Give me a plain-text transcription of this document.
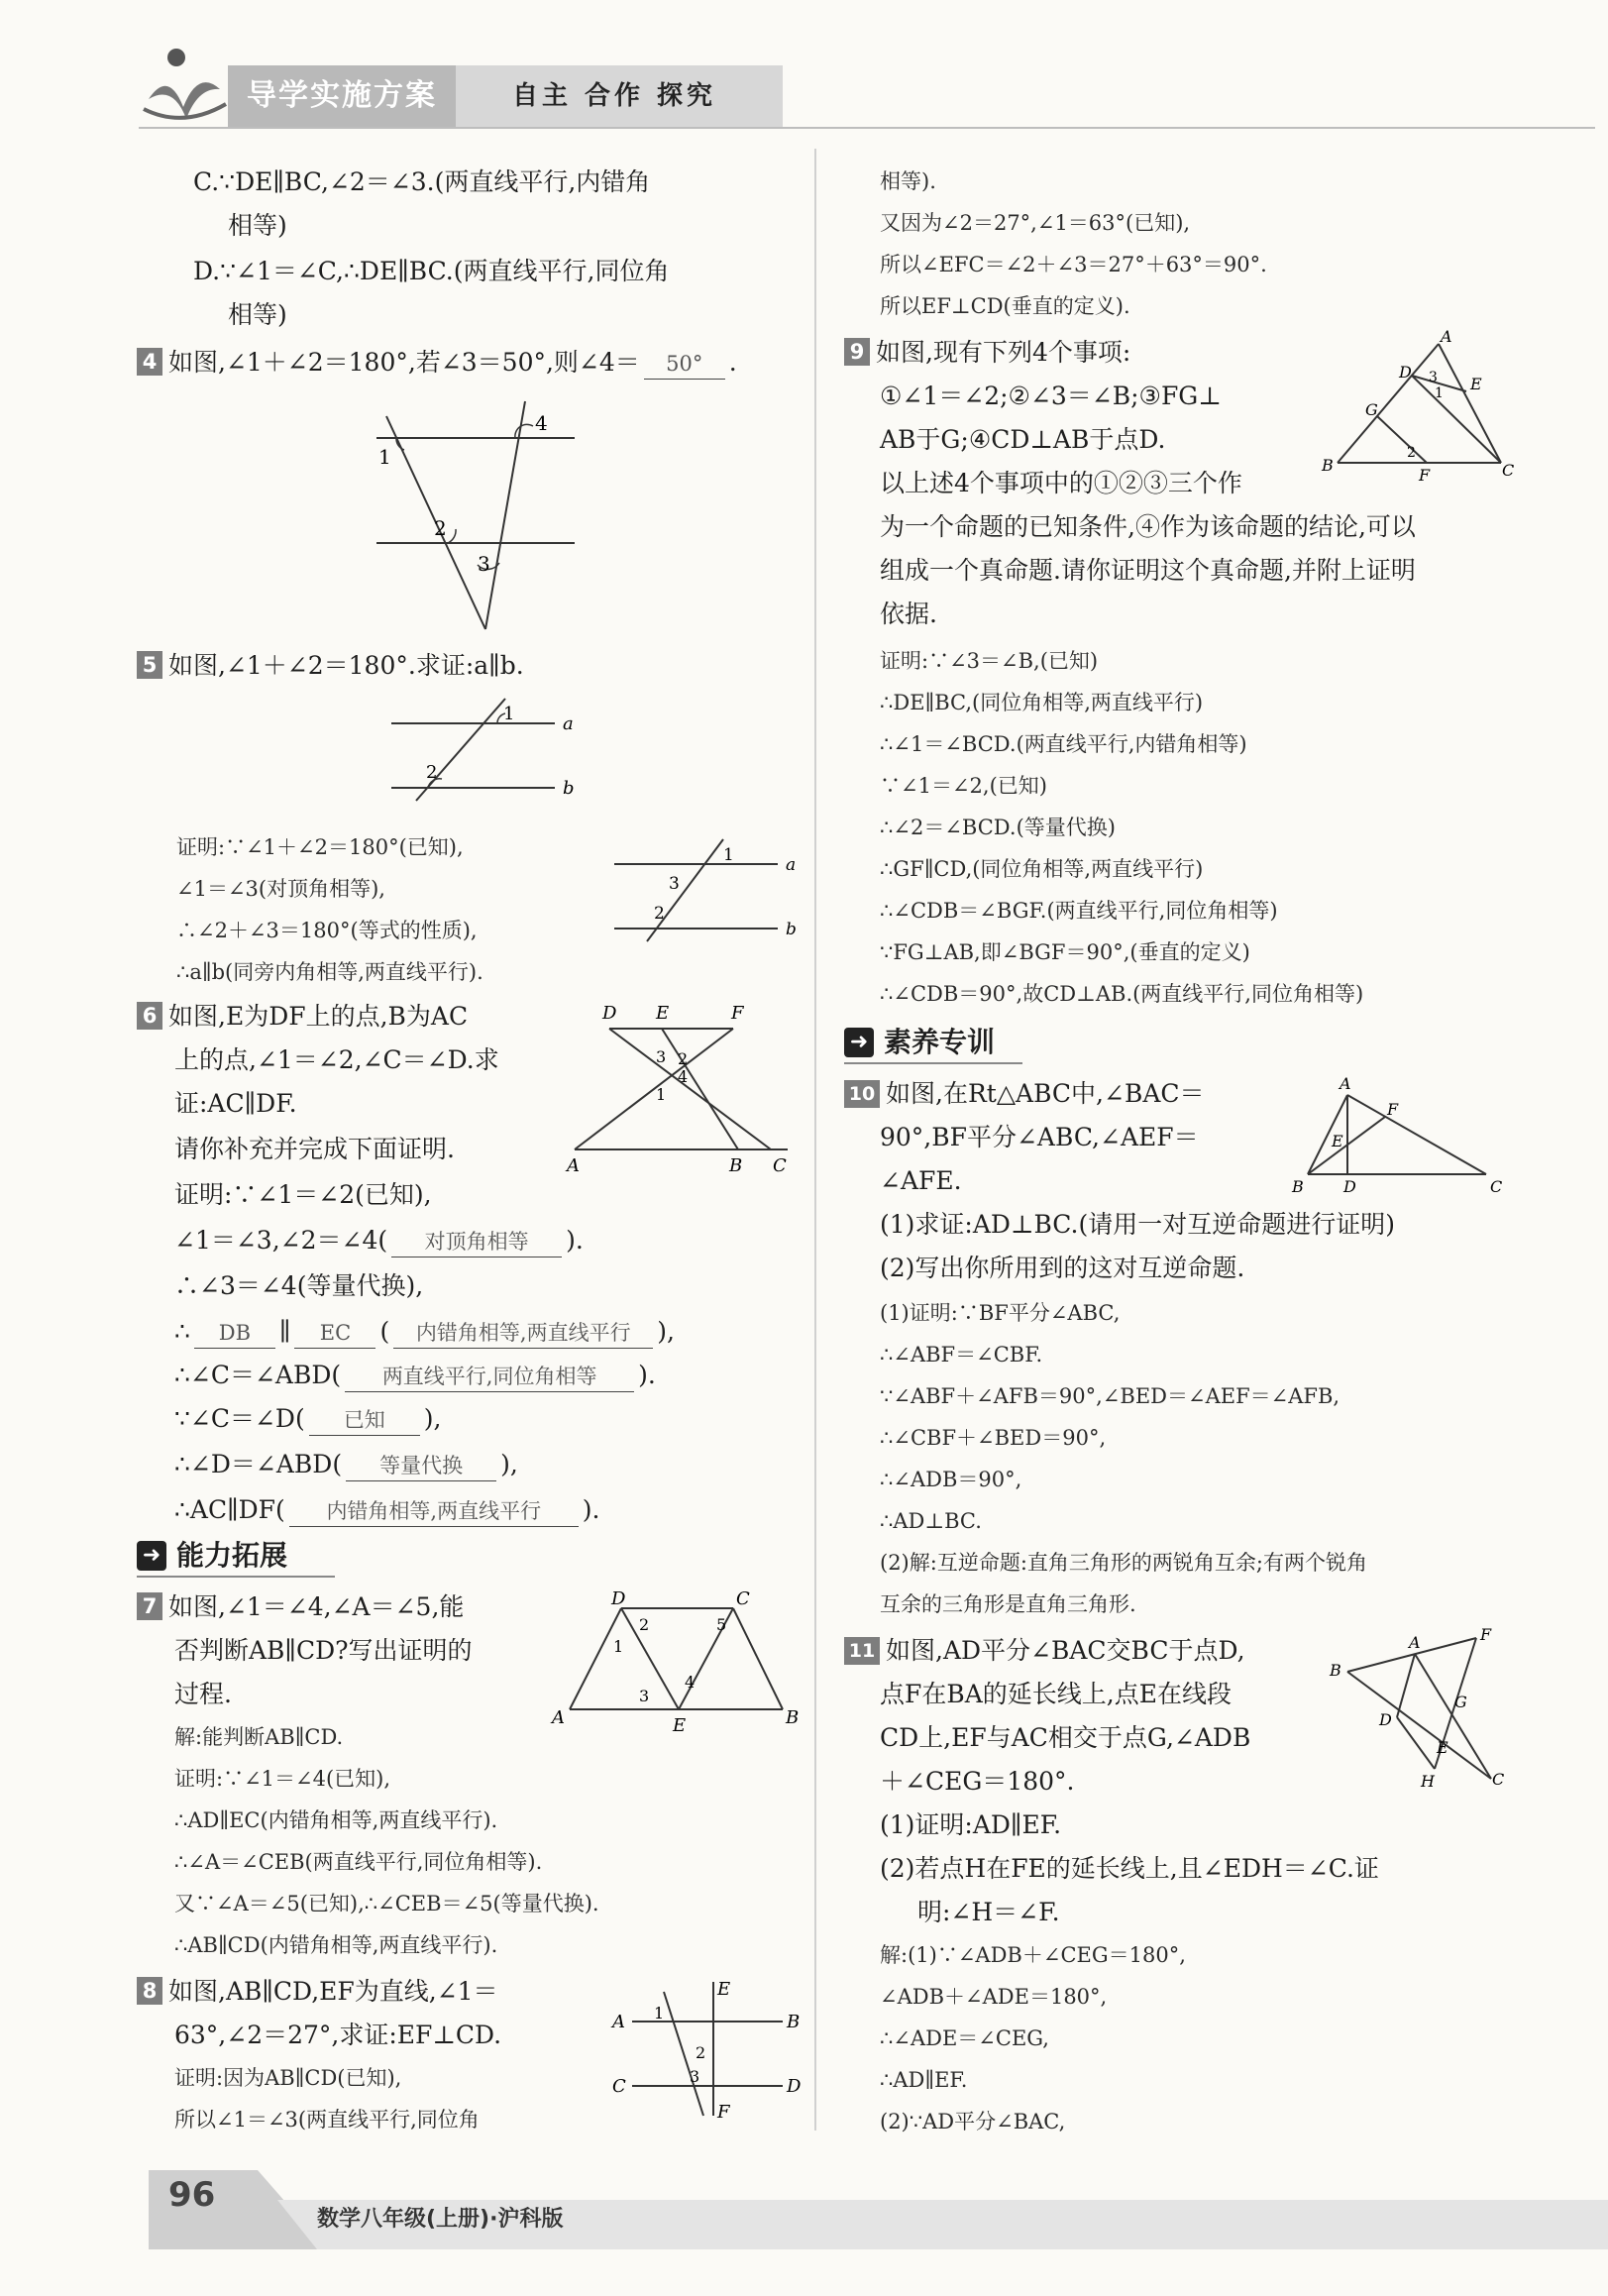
导学实施方案	自主 合作 探究
C.∵DE∥BC,∠2＝∠3.(两直线平行,内错角
相等)
D.∵∠1＝∠C,∴DE∥BC.(两直线平行,同位角
相等)
4 如图,∠1＋∠2＝180°,若∠3＝50°,则∠4＝ 50° .
1
2
3
4
5 如图,∠1＋∠2＝180°.求证:a∥b.
1
2
a
b
证明:∵∠1＋∠2＝180°(已知),
∠1＝∠3(对顶角相等),
∴∠2＋∠3＝180°(等式的性质),
∴a∥b(同旁内角相等,两直线平行).
1
3
2
a
b
6 如图,E为DF上的点,B为AC
上的点,∠1＝∠2,∠C＝∠D.求
证:AC∥DF.
请你补充并完成下面证明.
证明:∵∠1＝∠2(已知),
∠1＝∠3,∠2＝∠4( 对顶角相等 ).
∴∠3＝∠4(等量代换),
∴ DB ∥ EC ( 内错角相等,两直线平行 ),
∴∠C＝∠ABD( 两直线平行,同位角相等 ).
∵∠C＝∠D( 已知 ),
∴∠D＝∠ABD( 等量代换 ),
∴AC∥DF( 内错角相等,两直线平行 ).
D E	F
A	B C
3 2
4
1
➜ 能力拓展
7 如图,∠1＝∠4,∠A＝∠5,能
否判断AB∥CD?写出证明的
过程.
解:能判断AB∥CD.
证明:∵∠1＝∠4(已知),
∴AD∥EC(内错角相等,两直线平行).
∴∠A＝∠CEB(两直线平行,同位角相等).
又∵∠A＝∠5(已知),∴∠CEB＝∠5(等量代换).
∴AB∥CD(内错角相等,两直线平行).
D	C
A	B
E
1
2
3
4
5
8 如图,AB∥CD,EF为直线,∠1＝
63°,∠2＝27°,求证:EF⊥CD.
证明:因为AB∥CD(已知),
所以∠1＝∠3(两直线平行,同位角
A	B
C	D
E
F
1
2
3
相等).
又因为∠2＝27°,∠1＝63°(已知),
所以∠EFC＝∠2＋∠3＝27°＋63°＝90°.
所以EF⊥CD(垂直的定义).
9 如图,现有下列4个事项:
①∠1＝∠2;②∠3＝∠B;③FG⊥
AB于G;④CD⊥AB于点D.
以上述4个事项中的①②③三个作
为一个命题的已知条件,④作为该命题的结论,可以
组成一个真命题.请你证明这个真命题,并附上证明
依据.
A
D
E
G
B
F	C
3
1
2
证明:∵∠3＝∠B,(已知)
∴DE∥BC,(同位角相等,两直线平行)
∴∠1＝∠BCD.(两直线平行,内错角相等)
∵∠1＝∠2,(已知)
∴∠2＝∠BCD.(等量代换)
∴GF∥CD,(同位角相等,两直线平行)
∴∠CDB＝∠BGF.(两直线平行,同位角相等)
∵FG⊥AB,即∠BGF＝90°,(垂直的定义)
∴∠CDB＝90°,故CD⊥AB.(两直线平行,同位角相等)
➜ 素养专训
10 如图,在Rt△ABC中,∠BAC＝
90°,BF平分∠ABC,∠AEF＝
∠AFE.
(1)求证:AD⊥BC.(请用一对互逆命题进行证明)
(2)写出你所用到的这对互逆命题.
A
F
E
B	D	C
(1)证明:∵BF平分∠ABC,
∴∠ABF＝∠CBF.
∵∠ABF＋∠AFB＝90°,∠BED＝∠AEF＝∠AFB,
∴∠CBF＋∠BED＝90°,
∴∠ADB＝90°,
∴AD⊥BC.
(2)解:互逆命题:直角三角形的两锐角互余;有两个锐角
互余的三角形是直角三角形.
11 如图,AD平分∠BAC交BC于点D,
点F在BA的延长线上,点E在线段
CD上,EF与AC相交于点G,∠ADB
＋∠CEG＝180°.
(1)证明:AD∥EF.
(2)若点H在FE的延长线上,且∠EDH＝∠C.证
明:∠H＝∠F.
B
A	F
G
D
E
H	C
解:(1)∵∠ADB＋∠CEG＝180°,
∠ADB＋∠ADE＝180°,
∴∠ADE＝∠CEG,
∴AD∥EF.
(2)∵AD平分∠BAC,
96
数学八年级(上册)·沪科版
